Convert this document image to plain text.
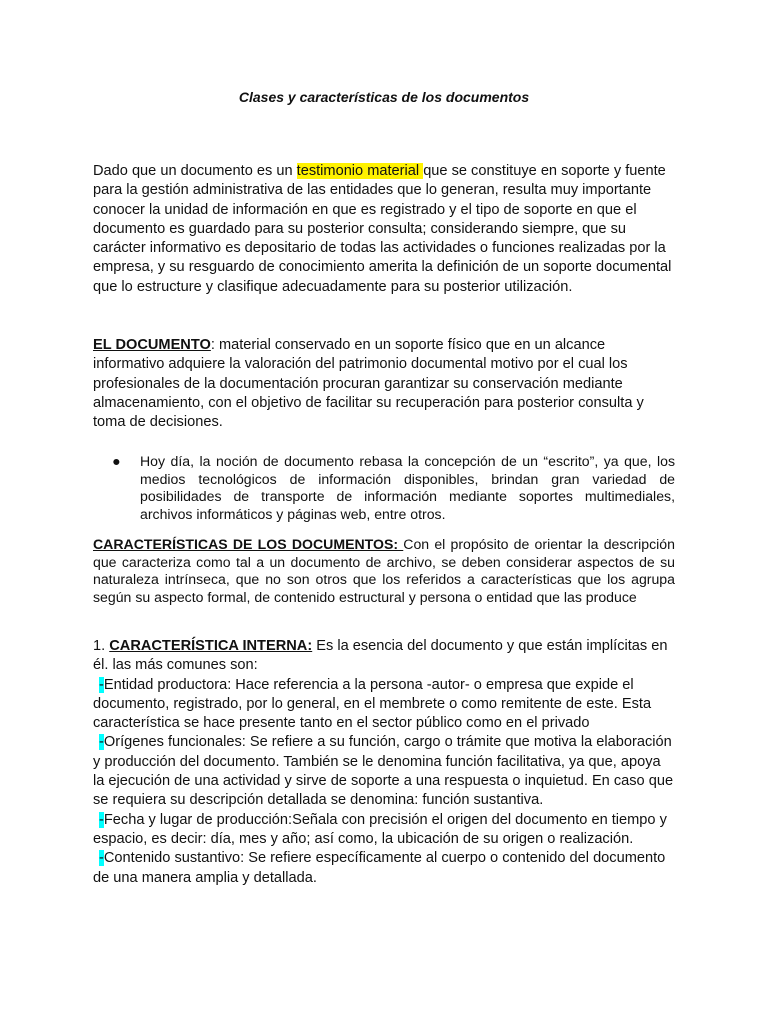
Clases y características de los documentos
Dado que un documento es un testimonio material que se constituye en soporte y fuente para la gestión administrativa de las entidades que lo generan, resulta muy importante conocer la unidad de información en que es registrado y el tipo de soporte en que el documento es guardado para su posterior consulta; considerando siempre, que su carácter informativo es depositario de todas las actividades o funciones realizadas por la empresa, y su resguardo de conocimiento amerita la definición de un soporte documental que lo estructure y clasifique adecuadamente para su posterior utilización.
EL DOCUMENTO: material conservado en un soporte físico que en un alcance informativo adquiere la valoración del patrimonio documental motivo por el cual los profesionales de la documentación procuran garantizar su conservación mediante almacenamiento, con el objetivo de facilitar su recuperación para posterior consulta y toma de decisiones.
●	Hoy día, la noción de documento rebasa la concepción de un “escrito”, ya que, los medios tecnológicos de información disponibles, brindan gran variedad de posibilidades de transporte de información mediante soportes multimediales, archivos informáticos y páginas web, entre otros.
CARACTERÍSTICAS DE LOS DOCUMENTOS: Con el propósito de orientar la descripción que caracteriza como tal a un documento de archivo, se deben considerar aspectos de su naturaleza intrínseca, que no son otros que los referidos a características que los agrupa según su aspecto formal, de contenido estructural y persona o entidad que las produce
1. CARACTERÍSTICA INTERNA: Es la esencia del documento y que están implícitas en él. las más comunes son:
-Entidad productora: Hace referencia a la persona -autor- o empresa que expide el documento, registrado, por lo general, en el membrete o como remitente de este. Esta característica se hace presente tanto en el sector público como en el privado
-Orígenes funcionales: Se refiere a su función, cargo o trámite que motiva la elaboración y producción del documento. También se le denomina función facilitativa, ya que, apoya la ejecución de una actividad y sirve de soporte a una respuesta o inquietud. En caso que se requiera su descripción detallada se denomina: función sustantiva.
-Fecha y lugar de producción:Señala con precisión el origen del documento en tiempo y espacio, es decir: día, mes y año; así como, la ubicación de su origen o realización.
-Contenido sustantivo: Se refiere específicamente al cuerpo o contenido del documento de una manera amplia y detallada.
